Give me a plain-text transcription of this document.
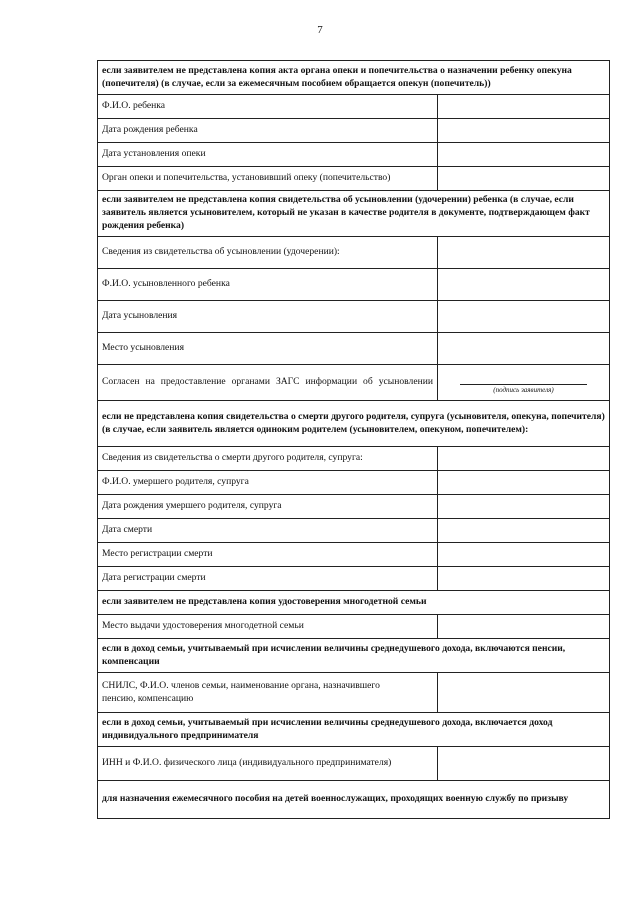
7
если заявителем не представлена копия акта органа опеки и попечительства о назначении ребенку опекуна (попечителя) (в случае, если за ежемесячным пособием обращается опекун (попечитель))	
Ф.И.О. ребенка	
Дата рождения ребенка	
Дата установления опеки	
Орган опеки и попечительства, установивший опеку (попечительство)	
если заявителем не представлена копия свидетельства об усыновлении (удочерении) ребенка (в случае, если заявитель является усыновителем, который не указан в качестве родителя в документе, подтверждающем факт рождения ребенка)	
Сведения из свидетельства об усыновлении (удочерении):	
Ф.И.О. усыновленного ребенка	
Дата усыновления	
Место усыновления	
Согласен на предоставление органами ЗАГС информации об усыновлении	(подпись заявителя)

если не представлена копия свидетельства о смерти другого родителя, супруга (усыновителя, опекуна, попечителя) (в случае, если заявитель является одиноким родителем (усыновителем, опекуном, попечителем):	
Сведения из свидетельства о смерти другого родителя, супруга:	
Ф.И.О. умершего родителя, супруга	
Дата рождения умершего родителя, супруга	
Дата смерти	
Место регистрации смерти	
Дата регистрации смерти	
если заявителем не представлена копия удостоверения многодетной семьи	
Место выдачи удостоверения многодетной семьи	
если в доход семьи, учитываемый при исчислении величины среднедушевого дохода, включаются пенсии, компенсации	

СНИЛС, Ф.И.О. членов семьи, наименование органа, назначившего пенсию, компенсацию	

если в доход семьи, учитываемый при исчислении величины среднедушевого дохода, включается доход индивидуального предпринимателя	
ИНН и Ф.И.О. физического лица (индивидуального предпринимателя)	
для назначения ежемесячного пособия на детей военнослужащих, проходящих военную службу по призыву	
